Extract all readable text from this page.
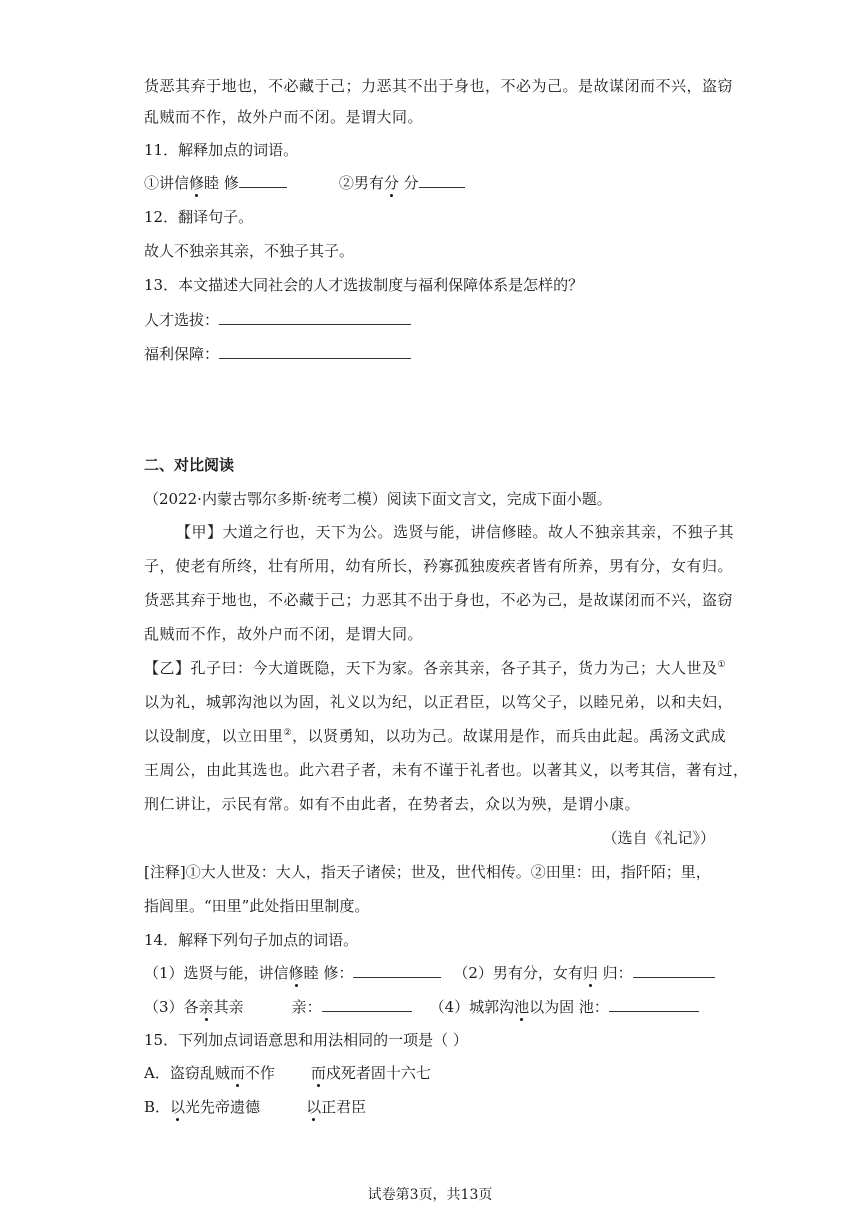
货恶其弃于地也，不必藏于己；力恶其不出于身也，不必为己。是故谋闭而不兴，盗窃
乱贼而不作，故外户而不闭。是谓大同。
11．解释加点的词语。
①讲信修睦 修	②男有分 分
12．翻译句子。
故人不独亲其亲，不独子其子。
13．本文描述大同社会的人才选拔制度与福利保障体系是怎样的？
人才选拔：
福利保障：
二、对比阅读
（2022·内蒙古鄂尔多斯·统考二模）阅读下面文言文，完成下面小题。
【甲】大道之行也，天下为公。选贤与能，讲信修睦。故人不独亲其亲，不独子其
子，使老有所终，壮有所用，幼有所长，矜寡孤独废疾者皆有所养，男有分，女有归。
货恶其弃于地也，不必藏于己；力恶其不出于身也，不必为己，是故谋闭而不兴，盗窃
乱贼而不作，故外户而不闭，是谓大同。
【乙】孔子曰：今大道既隐，天下为家。各亲其亲，各子其子，货力为己；大人世及①
以为礼，城郭沟池以为固，礼义以为纪，以正君臣，以笃父子，以睦兄弟，以和夫妇，
以设制度，以立田里②，以贤勇知，以功为己。故谋用是作，而兵由此起。禹汤文武成
王周公，由此其选也。此六君子者，未有不谨于礼者也。以著其义，以考其信，著有过，
刑仁讲让，示民有常。如有不由此者，在势者去，众以为殃，是谓小康。
（选自《礼记》）
[注释]①大人世及：大人，指天子诸侯；世及，世代相传。②田里：田，指阡陌；里，
指闾里。“田里”此处指田里制度。
14．解释下列句子加点的词语。
（1）选贤与能，讲信修睦 修：	（2）男有分，女有归 归：
（3）各亲其亲	亲：	（4）城郭沟池以为固 池：
15．下列加点词语意思和用法相同的一项是（ ）
A．盗窃乱贼而不作 而戍死者固十六七
B．以光先帝遗德	以正君臣
试卷第3页，共13页
